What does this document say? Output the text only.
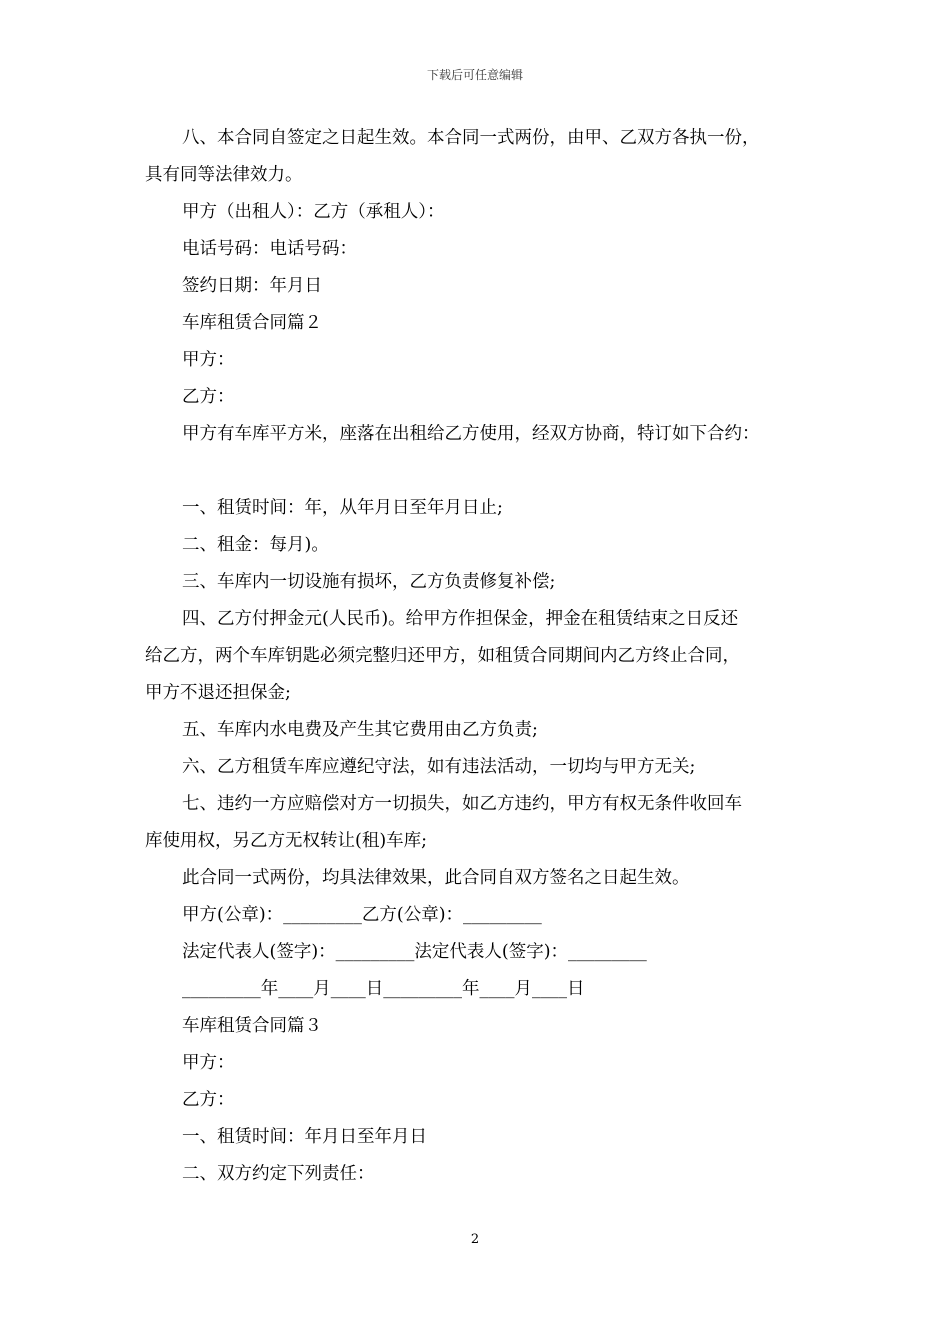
下载后可任意编辑
八、本合同自签定之日起生效。本合同一式两份，由甲、乙双方各执一份，
具有同等法律效力。
甲方（出租人）：乙方（承租人）：
电话号码：电话号码：
签约日期：年月日
车库租赁合同篇２
甲方：
乙方：
甲方有车库平方米，座落在出租给乙方使用，经双方协商，特订如下合约：
一、租赁时间：年，从年月日至年月日止;
二、租金：每月)。
三、车库内一切设施有损坏，乙方负责修复补偿;
四、乙方付押金元(人民币)。给甲方作担保金，押金在租赁结束之日反还
给乙方，两个车库钥匙必须完整归还甲方，如租赁合同期间内乙方终止合同，
甲方不退还担保金;
五、车库内水电费及产生其它费用由乙方负责;
六、乙方租赁车库应遵纪守法，如有违法活动，一切均与甲方无关;
七、违约一方应赔偿对方一切损失，如乙方违约，甲方有权无条件收回车
库使用权，另乙方无权转让(租)车库;
此合同一式两份，均具法律效果，此合同自双方签名之日起生效。
甲方(公章)：_________乙方(公章)：_________
法定代表人(签字)：_________法定代表人(签字)：_________
_________年____月____日_________年____月____日
车库租赁合同篇３
甲方：
乙方：
一、租赁时间：年月日至年月日
二、双方约定下列责任：
2
